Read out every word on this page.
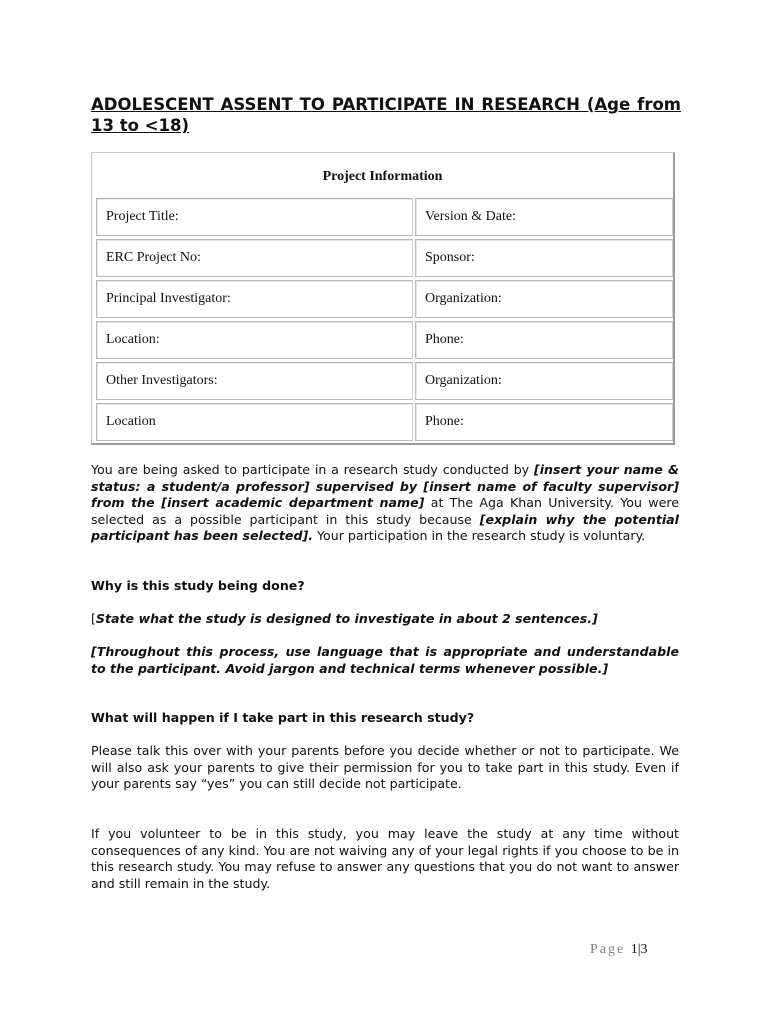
ADOLESCENT ASSENT TO PARTICIPATE IN RESEARCH (Age from 13 to <18)
Project Information
Project Title:	Version & Date:
ERC Project No:	Sponsor:
Principal Investigator:	Organization:
Location:	Phone:
Other Investigators:	Organization:
Location	Phone:

You are being asked to participate in a research study conducted by [insert your name & status: a student/a professor] supervised by [insert name of faculty supervisor] from the [insert academic department name] at The Aga Khan University. You were selected as a possible participant in this study because [explain why the potential participant has been selected]. Your participation in the research study is voluntary.

Why is this study being done?

[State what the study is designed to investigate in about 2 sentences.]

[Throughout this process, use language that is appropriate and understandable to the participant. Avoid jargon and technical terms whenever possible.]

What will happen if I take part in this research study?

Please talk this over with your parents before you decide whether or not to participate. We will also ask your parents to give their permission for you to take part in this study. Even if your parents say “yes” you can still decide not participate.

If you volunteer to be in this study, you may leave the study at any time without consequences of any kind. You are not waiving any of your legal rights if you choose to be in this research study. You may refuse to answer any questions that you do not want to answer and still remain in the study.

Page 1|3
